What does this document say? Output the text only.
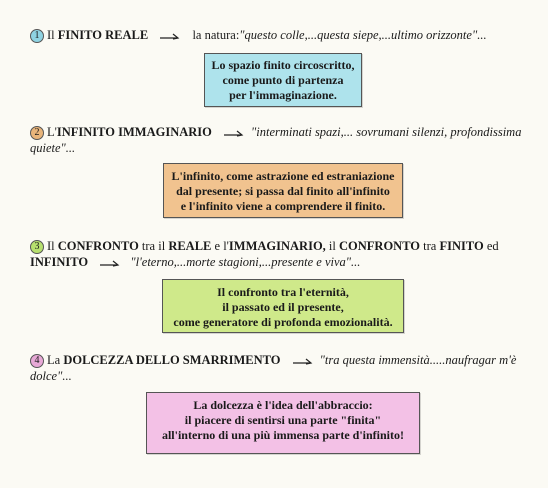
1 Il FINITO REALE	la natura:"questo colle,...questa siepe,...ultimo orizzonte"...
Lo spazio finito circoscritto,
come punto di partenza
per l'immaginazione.
2 L'INFINITO IMMAGINARIO	"interminati spazi,... sovrumani silenzi, profondissima
quiete"...
L'infinito, come astrazione ed estraniazione
dal presente; si passa dal finito all'infinito
e l'infinito viene a comprendere il finito.
3 Il CONFRONTO tra il REALE e l'IMMAGINARIO, il CONFRONTO tra FINITO ed
INFINITO	"l'eterno,...morte stagioni,...presente e viva"...
Il confronto tra l'eternità,
il passato ed il presente,
come generatore di profonda emozionalità.
4 La DOLCEZZA DELLO SMARRIMENTO	"tra questa immensità.....naufragar m'è
dolce"...
La dolcezza è l'idea dell'abbraccio:
il piacere di sentirsi una parte "finita"
all'interno di una più immensa parte d'infinito!
